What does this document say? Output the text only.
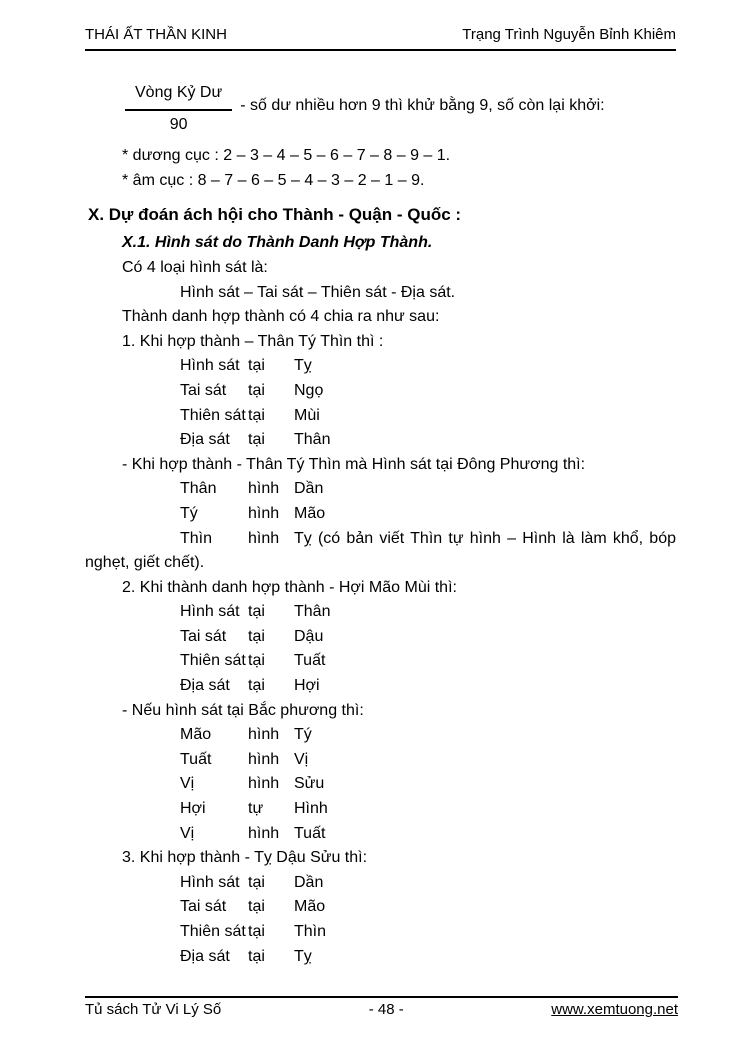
THÁI ẤT THẦN KINH	Trạng Trình Nguyễn Bỉnh Khiêm
$\frac{\text{Vòng Kỷ Dư}}{90}$ - số dư nhiều hơn 9 thì khử bằng 9, số còn lại khởi:

* dương cục : 2 – 3 – 4 – 5 – 6 – 7 – 8 – 9 – 1.

* âm cục : 8 – 7 – 6 – 5 – 4 – 3 – 2 – 1 – 9.

X. Dự đoán ách hội cho Thành - Quận - Quốc :

X.1. Hình sát do Thành Danh Hợp Thành.

Có 4 loại hình sát là:

Hình sát – Tai sát – Thiên sát - Địa sát.

Thành danh hợp thành có 4 chia ra như sau:

1. Khi hợp thành – Thân Tý Thìn thì :

Hình sát tại	Tỵ
Tai sát	tại	Ngọ
Thiên sát tại	Mùi
Địa sát	tại	Thân

- Khi hợp thành - Thân Tý Thìn mà Hình sát tại Đông Phương thì:

Thân	hình Dần
Tý	hình Mão

Thìn hình Tỵ (có bản viết Thìn tự hình – Hình là làm khổ, bóp nghẹt, giết chết).

2. Khi thành danh hợp thành - Hợi Mão Mùi thì:

Hình sát tại	Thân
Tai sát	tại	Dậu
Thiên sát tại	Tuất
Địa sát	tại	Hợi

- Nếu hình sát tại Bắc phương thì:

Mão	hình Tý
Tuất	hình Vị
Vị	hình Sửu
Hợi	tự	Hình
Vị	hình Tuất

3. Khi hợp thành - Tỵ Dậu Sửu thì:

Hình sát tại	Dần
Tai sát	tại	Mão
Thiên sát tại	Thìn
Địa sát	tại	Tỵ
Tủ sách Tử Vi Lý Số	- 48 -	www.xemtuong.net
